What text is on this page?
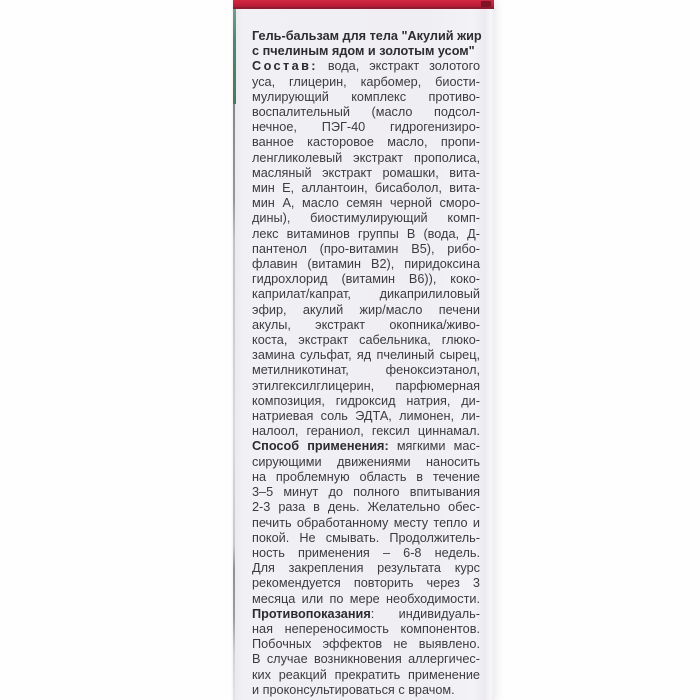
Гель-бальзам для тела "Акулий жир
с пчелиным ядом и золотым усом"
Состав: вода, экстракт золотого
уса, глицерин, карбомер, биости-
мулирующий комплекс противо-
воспалительный (масло подсол-
нечное, ПЭГ-40 гидрогенизиро-
ванное касторовое масло, пропи-
ленгликолевый экстракт прополиса,
масляный экстракт ромашки, вита-
мин Е, аллантоин, бисаболол, вита-
мин А, масло семян черной сморо-
дины), биостимулирующий комп-
лекс витаминов группы В (вода, Д-
пантенол (про-витамин В5), рибо-
флавин (витамин В2), пиридоксина
гидрохлорид (витамин В6)), коко-
каприлат/капрат, дикаприлиловый
эфир, акулий жир/масло печени
акулы, экстракт окопника/живо-
коста, экстракт сабельника, глюко-
замина сульфат, яд пчелиный сырец,
метилникотинат, феноксиэтанол,
этилгексилглицерин, парфюмерная
композиция, гидроксид натрия, ди-
натриевая соль ЭДТА, лимонен, ли-
налоол, гераниол, гексил циннамал.
Способ применения: мягкими мас-
сирующими движениями наносить
на проблемную область в течение
3–5 минут до полного впитывания
2-3 раза в день. Желательно обес-
печить обработанному месту тепло и
покой. Не смывать. Продолжитель-
ность применения – 6-8 недель.
Для закрепления результата курс
рекомендуется повторить через 3
месяца или по мере необходимости.
Противопоказания: индивидуаль-
ная непереносимость компонентов.
Побочных эффектов не выявлено.
В случае возникновения аллергичес-
ких реакций прекратить применение
и проконсультироваться с врачом.
